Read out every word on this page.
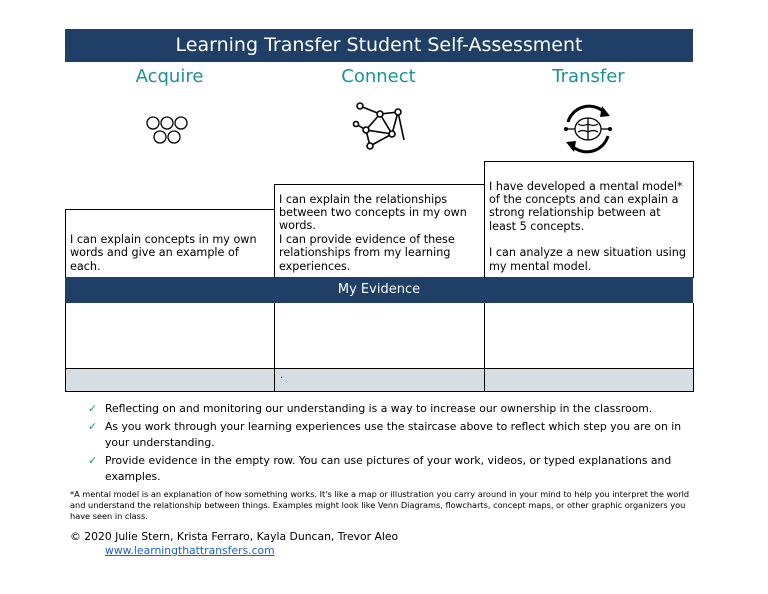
Learning Transfer Student Self-Assessment
Acquire	Connect	Transfer

I can explain concepts in my own words and give an example of each.

I can explain the relationships between two concepts in my own words.

I can provide evidence of these relationships from my learning experiences.

I have developed a mental model* of the concepts and can explain a strong relationship between at least 5 concepts.

I can analyze a new situation using my mental model.

My Evidence
.
✓ Reflecting on and monitoring our understanding is a way to increase our ownership in the classroom.
✓ As you work through your learning experiences use the staircase above to reflect which step you are on in your understanding.
✓ Provide evidence in the empty row. You can use pictures of your work, videos, or typed explanations and examples.
*A mental model is an explanation of how something works. It's like a map or illustration you carry around in your mind to help you interpret the world and understand the relationship between things. Examples might look like Venn Diagrams, flowcharts, concept maps, or other graphic organizers you have seen in class.
© 2020 Julie Stern, Krista Ferraro, Kayla Duncan, Trevor Aleo
www.learningthattransfers.com
